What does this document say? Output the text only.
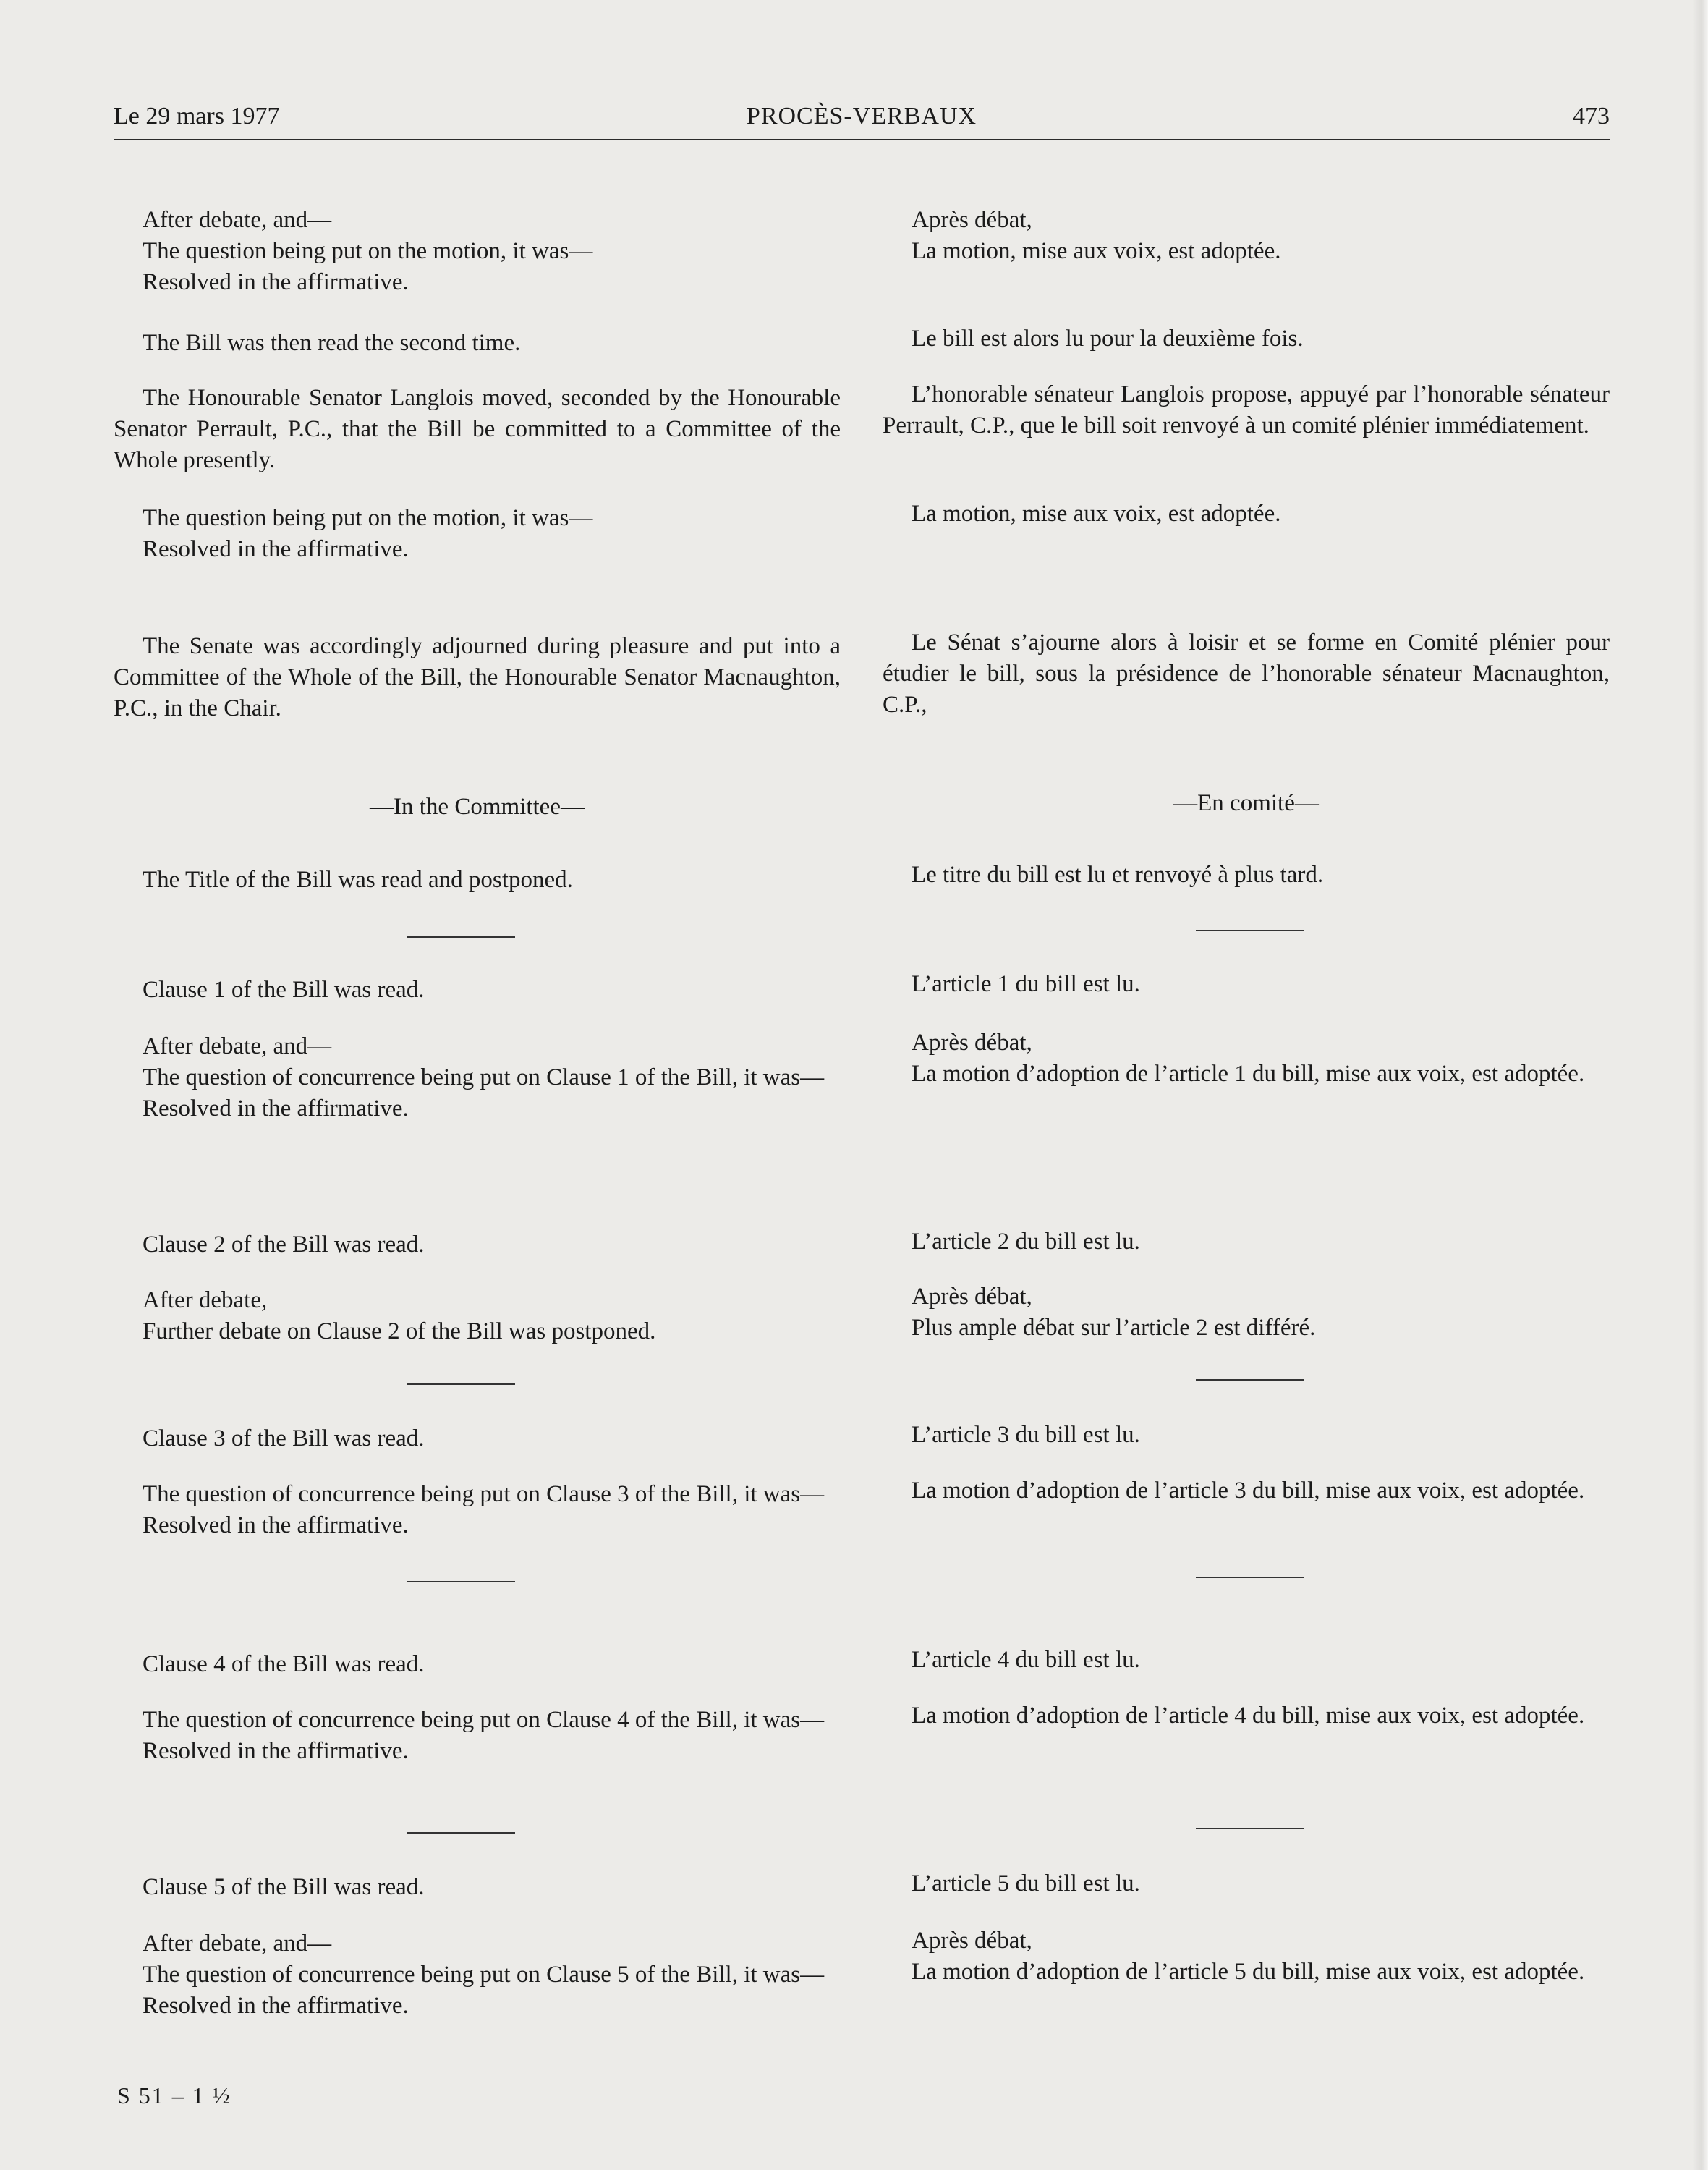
Le 29 mars 1977	PROCÈS-VERBAUX	473

After debate, and—

The question being put on the motion, it was—

Resolved in the affirmative.

The Bill was then read the second time.

The Honourable Senator Langlois moved, seconded by the Honourable Senator Perrault, P.C., that the Bill be committed to a Committee of the Whole presently.

The question being put on the motion, it was—

Resolved in the affirmative.

The Senate was accordingly adjourned during pleasure and put into a Committee of the Whole of the Bill, the Honourable Senator Macnaughton, P.C., in the Chair.

—In the Committee—

The Title of the Bill was read and postponed.

Clause 1 of the Bill was read.

After debate, and—

The question of concurrence being put on Clause 1 of the Bill, it was—

Resolved in the affirmative.

Clause 2 of the Bill was read.

After debate,

Further debate on Clause 2 of the Bill was postponed.

Clause 3 of the Bill was read.

The question of concurrence being put on Clause 3 of the Bill, it was—

Resolved in the affirmative.

Clause 4 of the Bill was read.

The question of concurrence being put on Clause 4 of the Bill, it was—

Resolved in the affirmative.

Clause 5 of the Bill was read.

After debate, and—

The question of concurrence being put on Clause 5 of the Bill, it was—

Resolved in the affirmative.

Après débat,

La motion, mise aux voix, est adoptée.

Le bill est alors lu pour la deuxième fois.

L’honorable sénateur Langlois propose, appuyé par l’honorable sénateur Perrault, C.P., que le bill soit renvoyé à un comité plénier immédiatement.

La motion, mise aux voix, est adoptée.

Le Sénat s’ajourne alors à loisir et se forme en Comité plénier pour étudier le bill, sous la présidence de l’honorable sénateur Macnaughton, C.P.,

—En comité—

Le titre du bill est lu et renvoyé à plus tard.

L’article 1 du bill est lu.

Après débat,

La motion d’adoption de l’article 1 du bill, mise aux voix, est adoptée.

L’article 2 du bill est lu.

Après débat,

Plus ample débat sur l’article 2 est différé.

L’article 3 du bill est lu.

La motion d’adoption de l’article 3 du bill, mise aux voix, est adoptée.

L’article 4 du bill est lu.

La motion d’adoption de l’article 4 du bill, mise aux voix, est adoptée.

L’article 5 du bill est lu.

Après débat,

La motion d’adoption de l’article 5 du bill, mise aux voix, est adoptée.

S 51 – 1 ½
